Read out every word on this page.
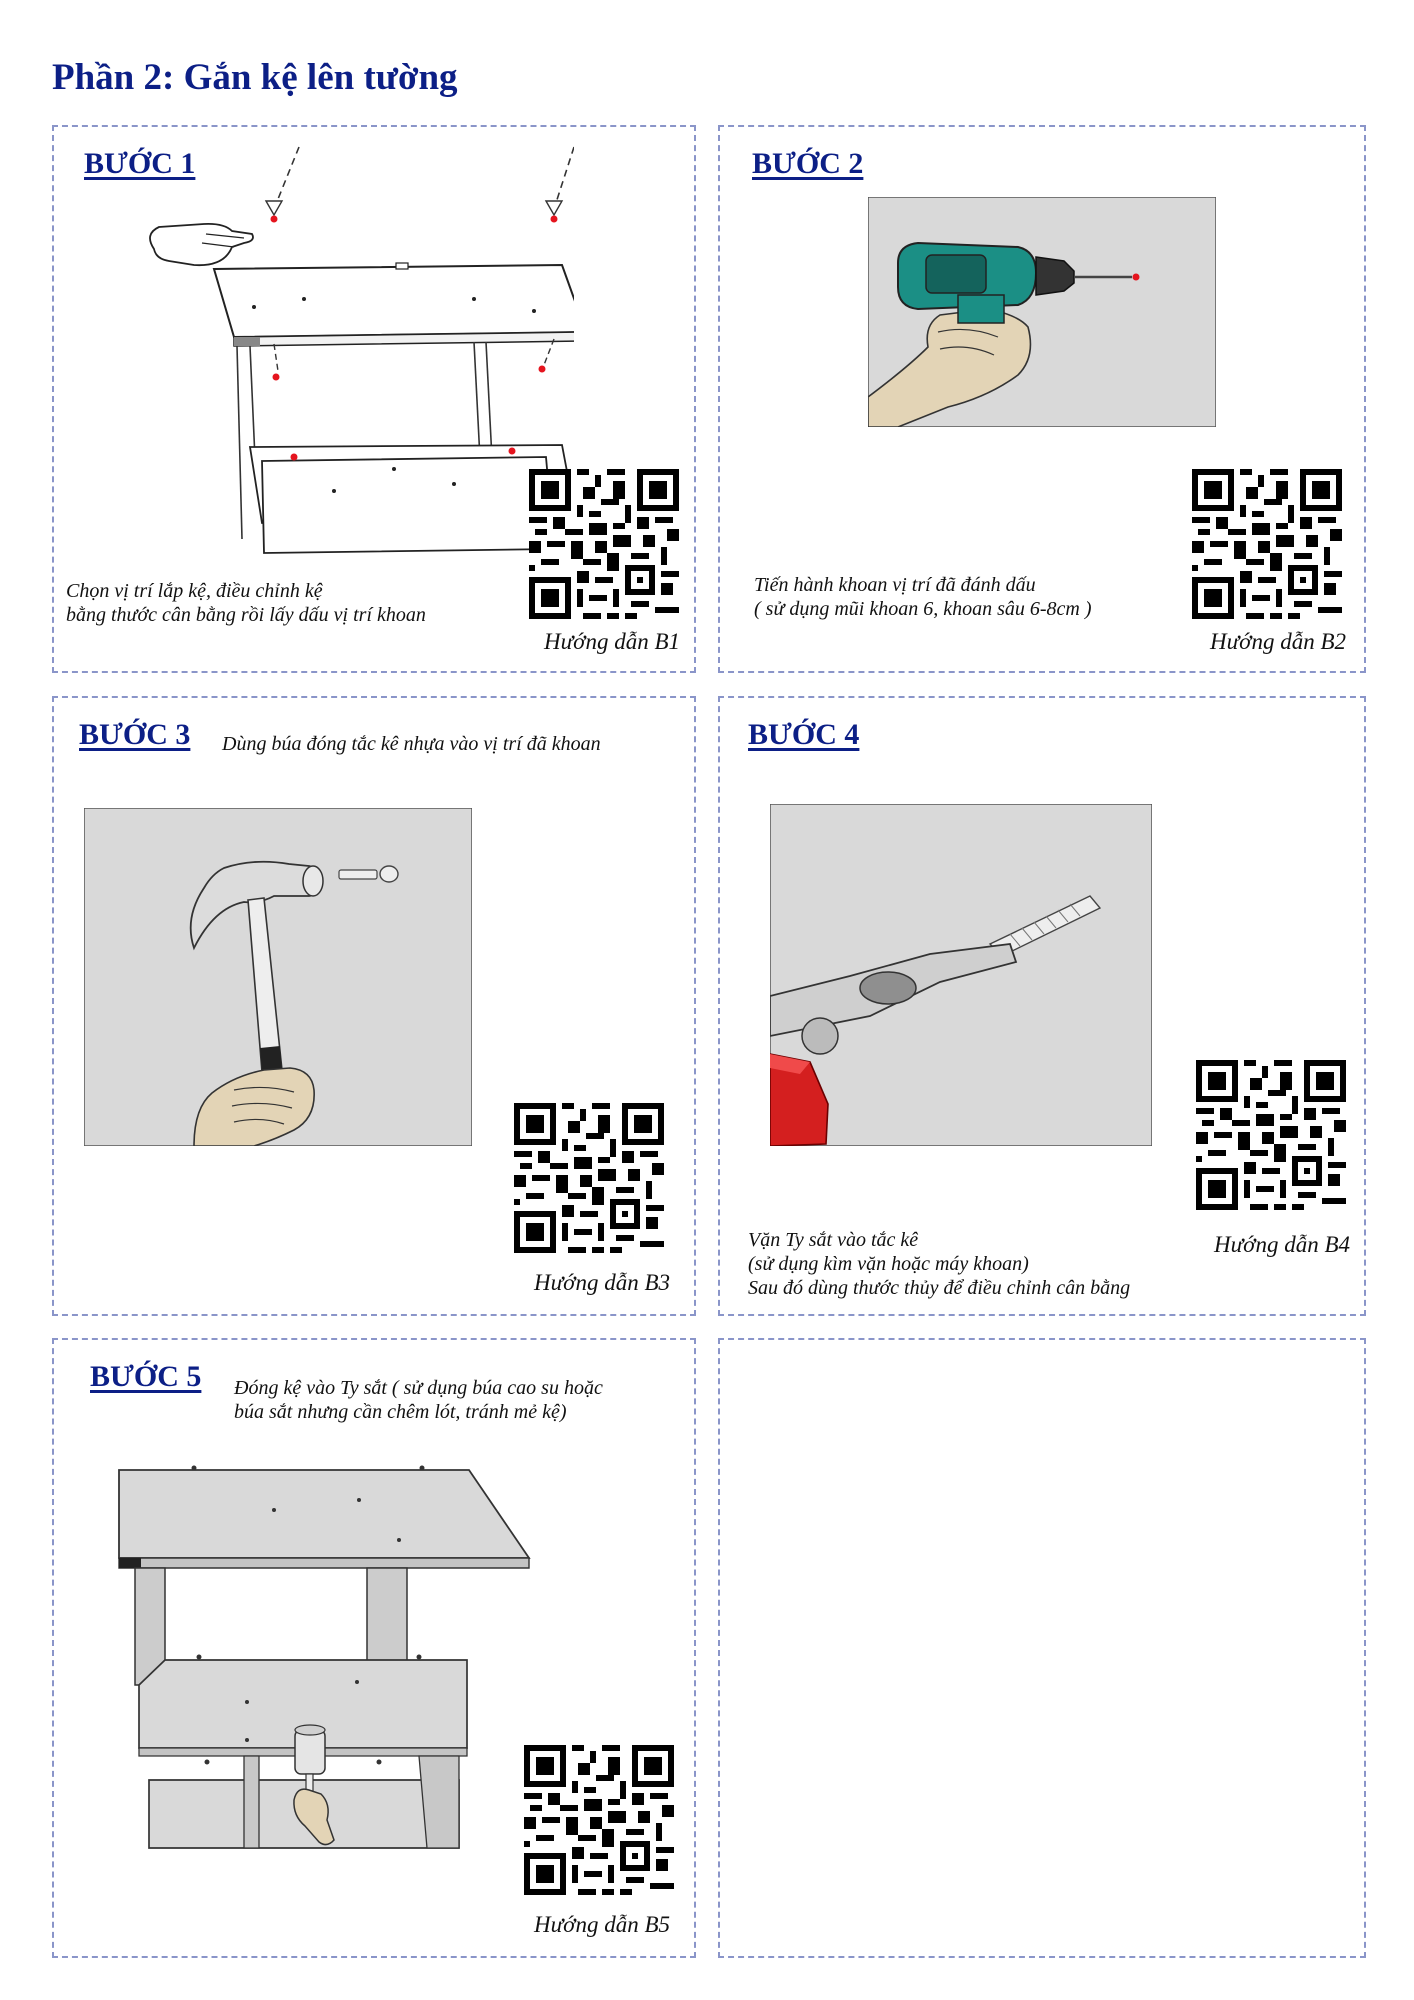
Phần 2: Gắn kệ lên tường
BƯỚC 1
Chọn vị trí lắp kệ, điều chỉnh kệ
bằng thước cân bằng rồi lấy dấu vị trí khoan
Hướng dẫn B1
BƯỚC 2
Tiến hành khoan vị trí đã đánh dấu
( sử dụng mũi khoan 6, khoan sâu 6-8cm )
Hướng dẫn B2
BƯỚC 3 Dùng búa đóng tắc kê nhựa vào vị trí đã khoan
Hướng dẫn B3
BƯỚC 4
Vặn Ty sắt vào tắc kê
(sử dụng kìm vặn hoặc máy khoan)
Sau đó dùng thước thủy để điều chỉnh cân bằng
Hướng dẫn B4
BƯỚC 5 Đóng kệ vào Ty sắt ( sử dụng búa cao su hoặc
búa sắt nhưng cần chêm lót, tránh mẻ kệ)
Hướng dẫn B5
